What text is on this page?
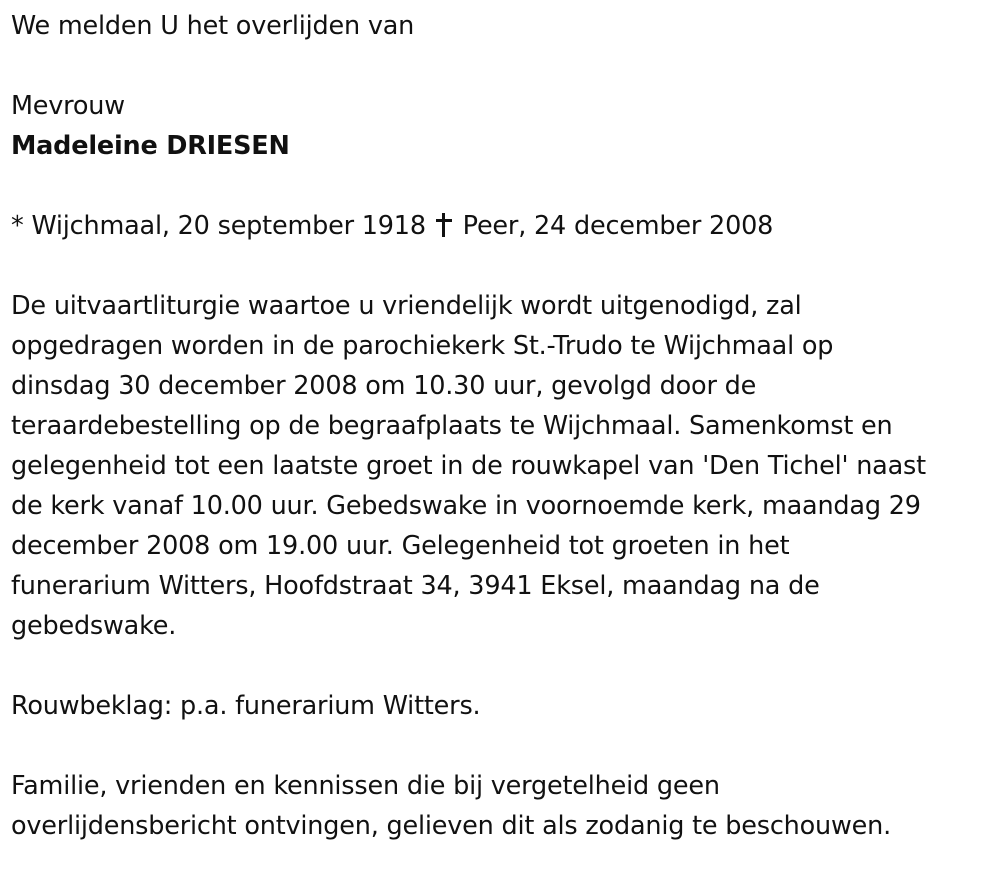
We melden U het overlijden van
Mevrouw
Madeleine DRIESEN
* Wijchmaal, 20 september 1918 Peer, 24 december 2008
De uitvaartliturgie waartoe u vriendelijk wordt uitgenodigd, zal
opgedragen worden in de parochiekerk St.-Trudo te Wijchmaal op
dinsdag 30 december 2008 om 10.30 uur, gevolgd door de
teraardebestelling op de begraafplaats te Wijchmaal. Samenkomst en
gelegenheid tot een laatste groet in de rouwkapel van 'Den Tichel' naast
de kerk vanaf 10.00 uur. Gebedswake in voornoemde kerk, maandag 29
december 2008 om 19.00 uur. Gelegenheid tot groeten in het
funerarium Witters, Hoofdstraat 34, 3941 Eksel, maandag na de
gebedswake.
Rouwbeklag: p.a. funerarium Witters.
Familie, vrienden en kennissen die bij vergetelheid geen
overlijdensbericht ontvingen, gelieven dit als zodanig te beschouwen.
